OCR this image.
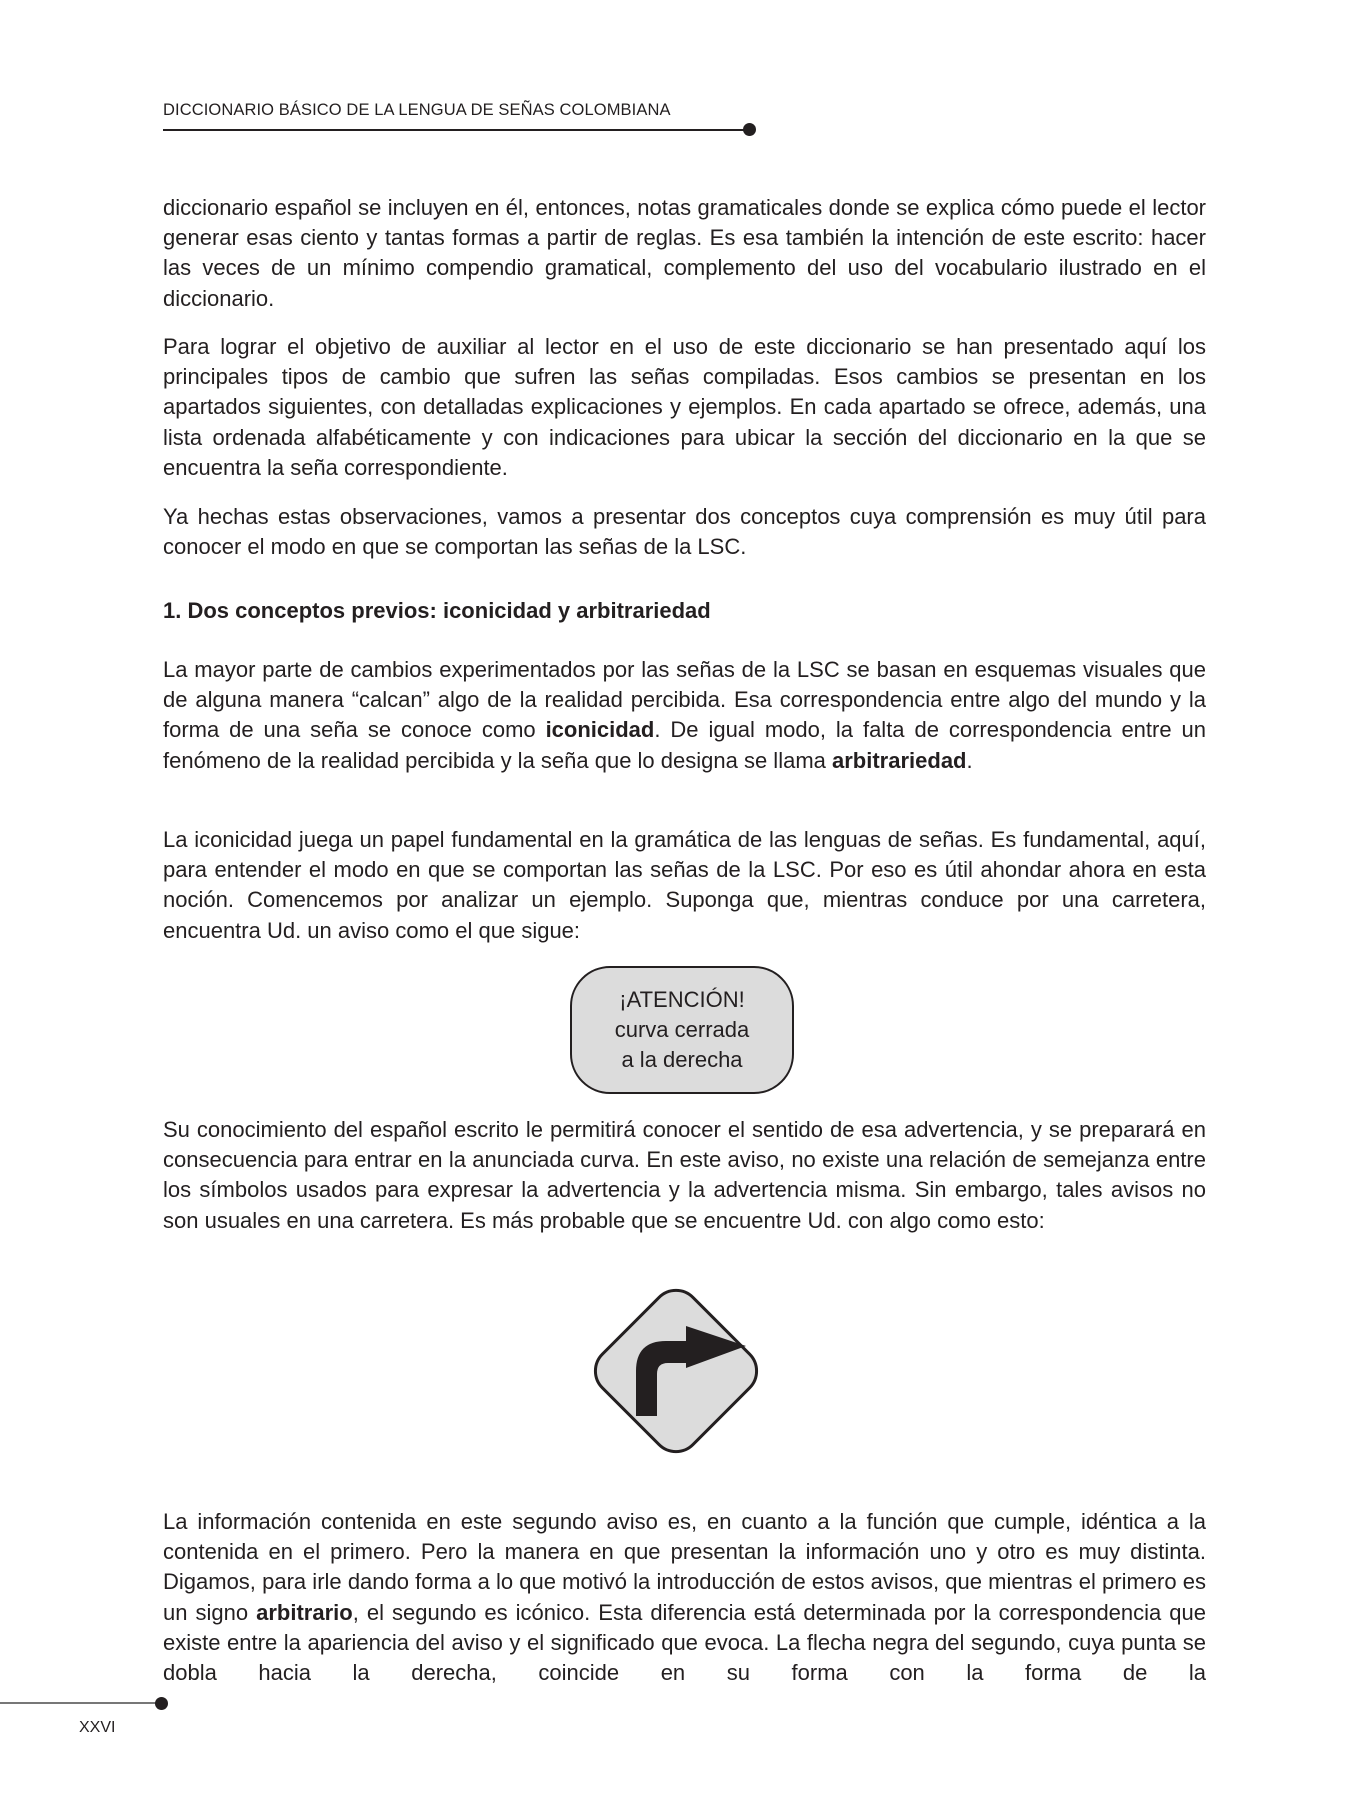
DICCIONARIO BÁSICO DE LA LENGUA DE SEÑAS COLOMBIANA

diccionario español se incluyen en él, entonces, notas gramaticales donde se explica cómo puede el lector generar esas ciento y tantas formas a partir de reglas. Es esa también la intención de este escrito: hacer las veces de un mínimo compendio gramatical, complemento del uso del vocabulario ilustrado en el diccionario.

Para lograr el objetivo de auxiliar al lector en el uso de este diccionario se han presentado aquí los principales tipos de cambio que sufren las señas compiladas. Esos cambios se presentan en los apartados siguientes, con detalladas explicaciones y ejemplos. En cada apartado se ofrece, además, una lista ordenada alfabéticamente y con indicaciones para ubicar la sección del diccionario en la que se encuentra la seña correspondiente.

Ya hechas estas observaciones, vamos a presentar dos conceptos cuya comprensión es muy útil para conocer el modo en que se comportan las señas de la LSC.

1. Dos conceptos previos: iconicidad y arbitrariedad

La mayor parte de cambios experimentados por las señas de la LSC se basan en esquemas visuales que de alguna manera “calcan” algo de la realidad percibida. Esa correspondencia entre algo del mundo y la forma de una seña se conoce como iconicidad. De igual modo, la falta de correspondencia entre un fenómeno de la realidad percibida y la seña que lo designa se llama arbitrariedad.

La iconicidad juega un papel fundamental en la gramática de las lenguas de señas. Es fundamental, aquí, para entender el modo en que se comportan las señas de la LSC. Por eso es útil ahondar ahora en esta noción. Comencemos por analizar un ejemplo. Suponga que, mientras conduce por una carretera, encuentra Ud. un aviso como el que sigue:

¡ATENCIÓN!
curva cerrada
a la derecha

Su conocimiento del español escrito le permitirá conocer el sentido de esa advertencia, y se preparará en consecuencia para entrar en la anunciada curva. En este aviso, no existe una relación de semejanza entre los símbolos usados para expresar la advertencia y la advertencia misma. Sin embargo, tales avisos no son usuales en una carretera. Es más probable que se encuentre Ud. con algo como esto:

La información contenida en este segundo aviso es, en cuanto a la función que cumple, idéntica a la contenida en el primero. Pero la manera en que presentan la información uno y otro es muy distinta. Digamos, para irle dando forma a lo que motivó la introducción de estos avisos, que mientras el primero es un signo arbitrario, el segundo es icónico. Esta diferencia está determinada por la correspondencia que existe entre la apariencia del aviso y el significado que evoca. La flecha negra del segundo, cuya punta se dobla hacia la derecha, coincide en su forma con la forma de la

XXVI
